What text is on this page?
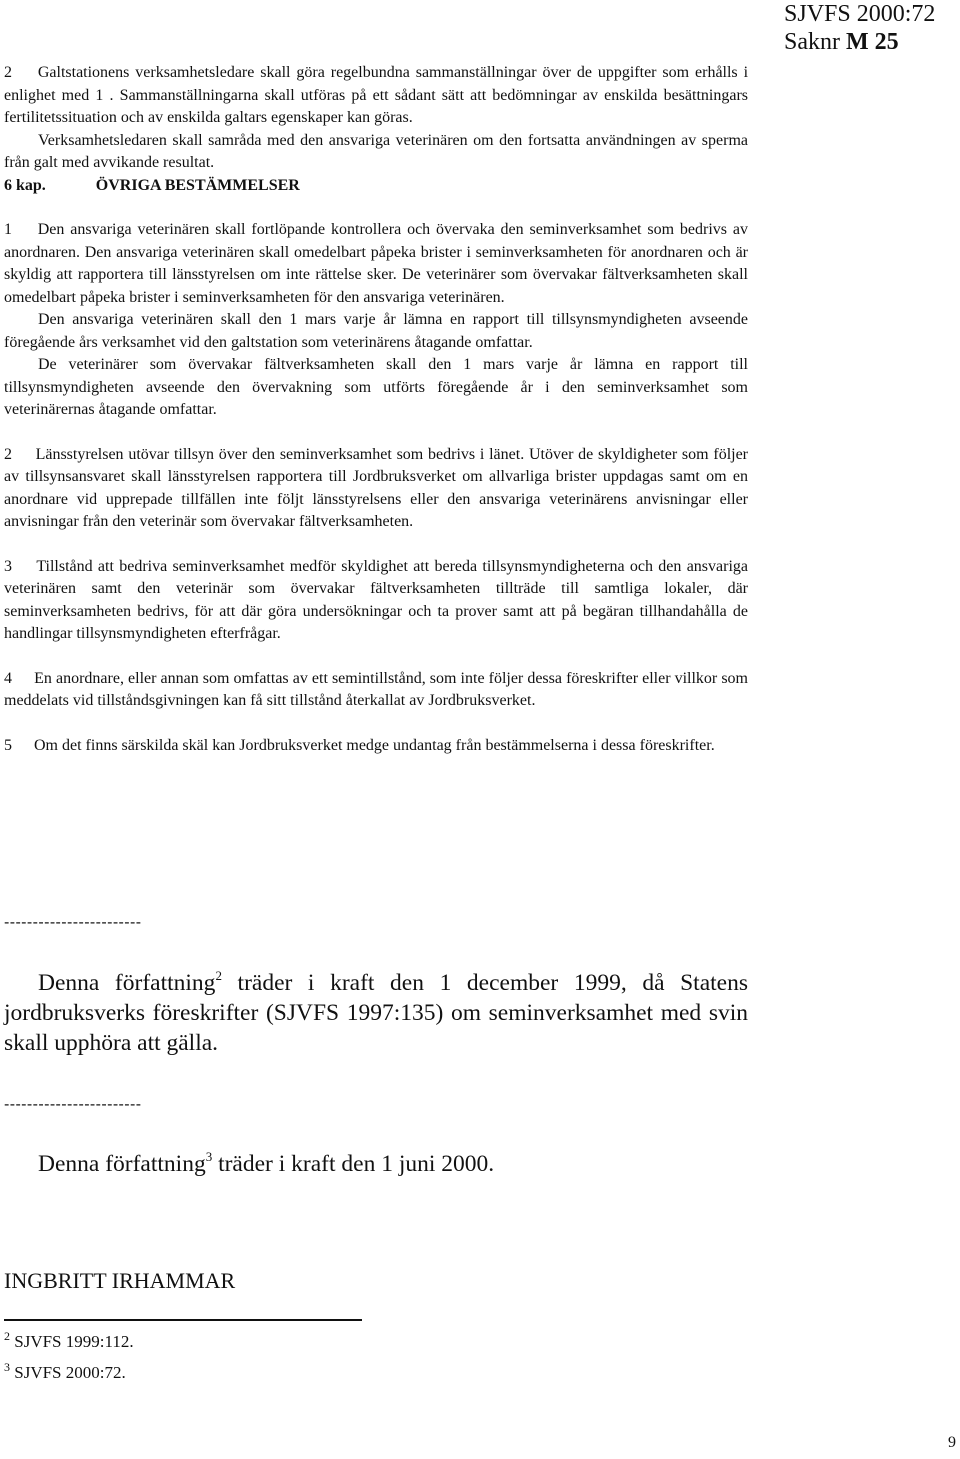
SJVFS 2000:72
Saknr M 25

2 Galtstationens verksamhetsledare skall göra regelbundna sammanställningar över de uppgifter som erhålls i enlighet med 1 . Sammanställningarna skall utföras på ett sådant sätt att bedömningar av enskilda besättningars fertilitetssituation och av enskilda galtars egenskaper kan göras.

Verksamhetsledaren skall samråda med den ansvariga veterinären om den fortsatta användningen av sperma från galt med avvikande resultat.

6 kap.	ÖVRIGA BESTÄMMELSER

1 Den ansvariga veterinären skall fortlöpande kontrollera och övervaka den seminverksamhet som bedrivs av anordnaren. Den ansvariga veterinären skall omedelbart påpeka brister i seminverksamheten för anordnaren och är skyldig att rapportera till länsstyrelsen om inte rättelse sker. De veterinärer som övervakar fältverksamheten skall omedelbart påpeka brister i seminverksamheten för den ansvariga veterinären.

Den ansvariga veterinären skall den 1 mars varje år lämna en rapport till tillsynsmyndigheten avseende föregående års verksamhet vid den galtstation som veterinärens åtagande omfattar.

De veterinärer som övervakar fältverksamheten skall den 1 mars varje år lämna en rapport till tillsynsmyndigheten avseende den övervakning som utförts föregående år i den seminverksamhet som veterinärernas åtagande omfattar.

2 Länsstyrelsen utövar tillsyn över den seminverksamhet som bedrivs i länet. Utöver de skyldigheter som följer av tillsynsansvaret skall länsstyrelsen rapportera till Jordbruksverket om allvarliga brister uppdagas samt om en anordnare vid upprepade tillfällen inte följt länsstyrelsens eller den ansvariga veterinärens anvisningar eller anvisningar från den veterinär som övervakar fältverksamheten.

3 Tillstånd att bedriva seminverksamhet medför skyldighet att bereda tillsynsmyndigheterna och den ansvariga veterinären samt den veterinär som övervakar fältverksamheten tillträde till samtliga lokaler, där seminverksamheten bedrivs, för att där göra undersökningar och ta prover samt att på begäran tillhandahålla de handlingar tillsynsmyndigheten efterfrågar.

4 En anordnare, eller annan som omfattas av ett semintillstånd, som inte följer dessa föreskrifter eller villkor som meddelats vid tillståndsgivningen kan få sitt tillstånd återkallat av Jordbruksverket.

5 Om det finns särskilda skäl kan Jordbruksverket medge undantag från bestämmelserna i dessa föreskrifter.

------------------------
Denna författning$^2$ träder i kraft den 1 december 1999, då Statens jordbruksverks föreskrifter (SJVFS 1997:135) om seminverksamhet med svin skall upphöra att gälla.
------------------------
Denna författning$^3$ träder i kraft den 1 juni 2000.
INGBRITT IRHAMMAR
$^2$ SJVFS 1999:112.
$^3$ SJVFS 2000:72.
9
